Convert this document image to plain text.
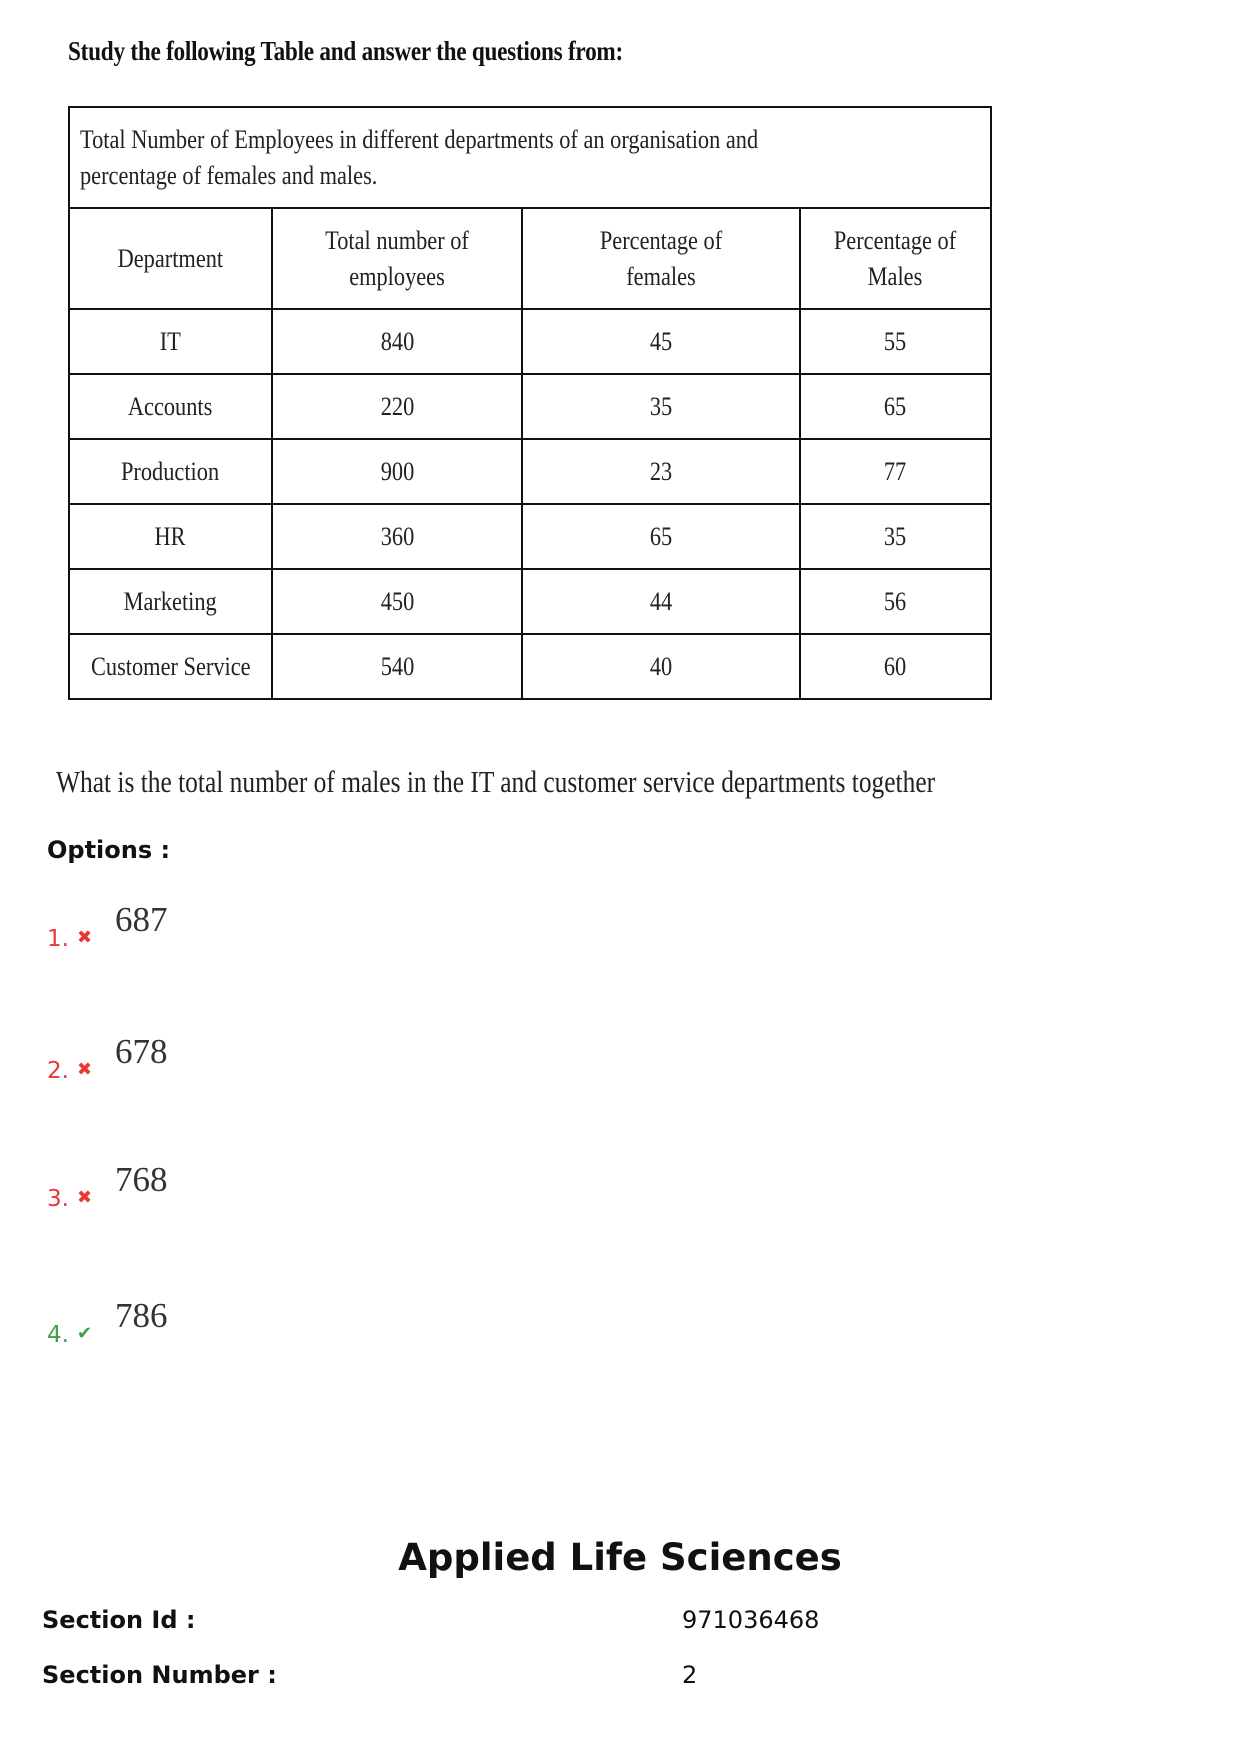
Study the following Table and answer the questions from:
Total Number of Employees in different departments of an organisation and percentage of females and males.			
Department	Total number of employees	Percentage of females	Percentage of Males
IT	840	45	55
Accounts	220	35	65
Production	900	23	77
HR	360	65	35
Marketing	450	44	56
Customer Service	540	40	60
What is the total number of males in the IT and customer service departments together
Options :
1. ✖ 687
2. ✖ 678
3. ✖ 768
4. ✔ 786
Applied Life Sciences
Section Id :	971036468
Section Number :	2
